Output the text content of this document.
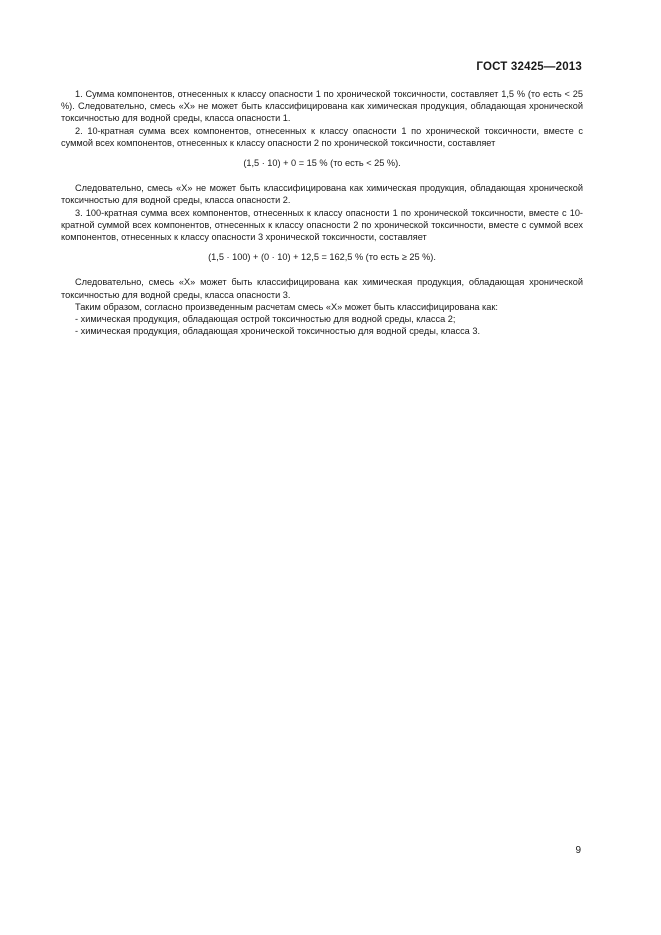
ГОСТ 32425—2013

1. Сумма компонентов, отнесенных к классу опасности 1 по хронической токсичности, составляет 1,5 % (то есть < 25 %). Следовательно, смесь «Х» не может быть классифицирована как химическая продукция, обладающая хронической токсичностью для водной среды, класса опасности 1.

2. 10-кратная сумма всех компонентов, отнесенных к классу опасности 1 по хронической токсичности, вместе с суммой всех компонентов, отнесенных к классу опасности 2 по хронической токсичности, составляет

(1,5 · 10) + 0 = 15 % (то есть < 25 %).

Следовательно, смесь «Х» не может быть классифицирована как химическая продукция, обладающая хронической токсичностью для водной среды, класса опасности 2.

3. 100-кратная сумма всех компонентов, отнесенных к классу опасности 1 по хронической токсичности, вместе с 10-кратной суммой всех компонентов, отнесенных к классу опасности 2 по хронической токсичности, вместе с суммой всех компонентов, отнесенных к классу опасности 3 хронической токсичности, составляет

(1,5 · 100) + (0 · 10) + 12,5 = 162,5 % (то есть ≥ 25 %).

Следовательно, смесь «Х» может быть классифицирована как химическая продукция, обладающая хронической токсичностью для водной среды, класса опасности 3.

Таким образом, согласно произведенным расчетам смесь «Х» может быть классифицирована как:

- химическая продукция, обладающая острой токсичностью для водной среды, класса 2;

- химическая продукция, обладающая хронической токсичностью для водной среды, класса 3.

9
